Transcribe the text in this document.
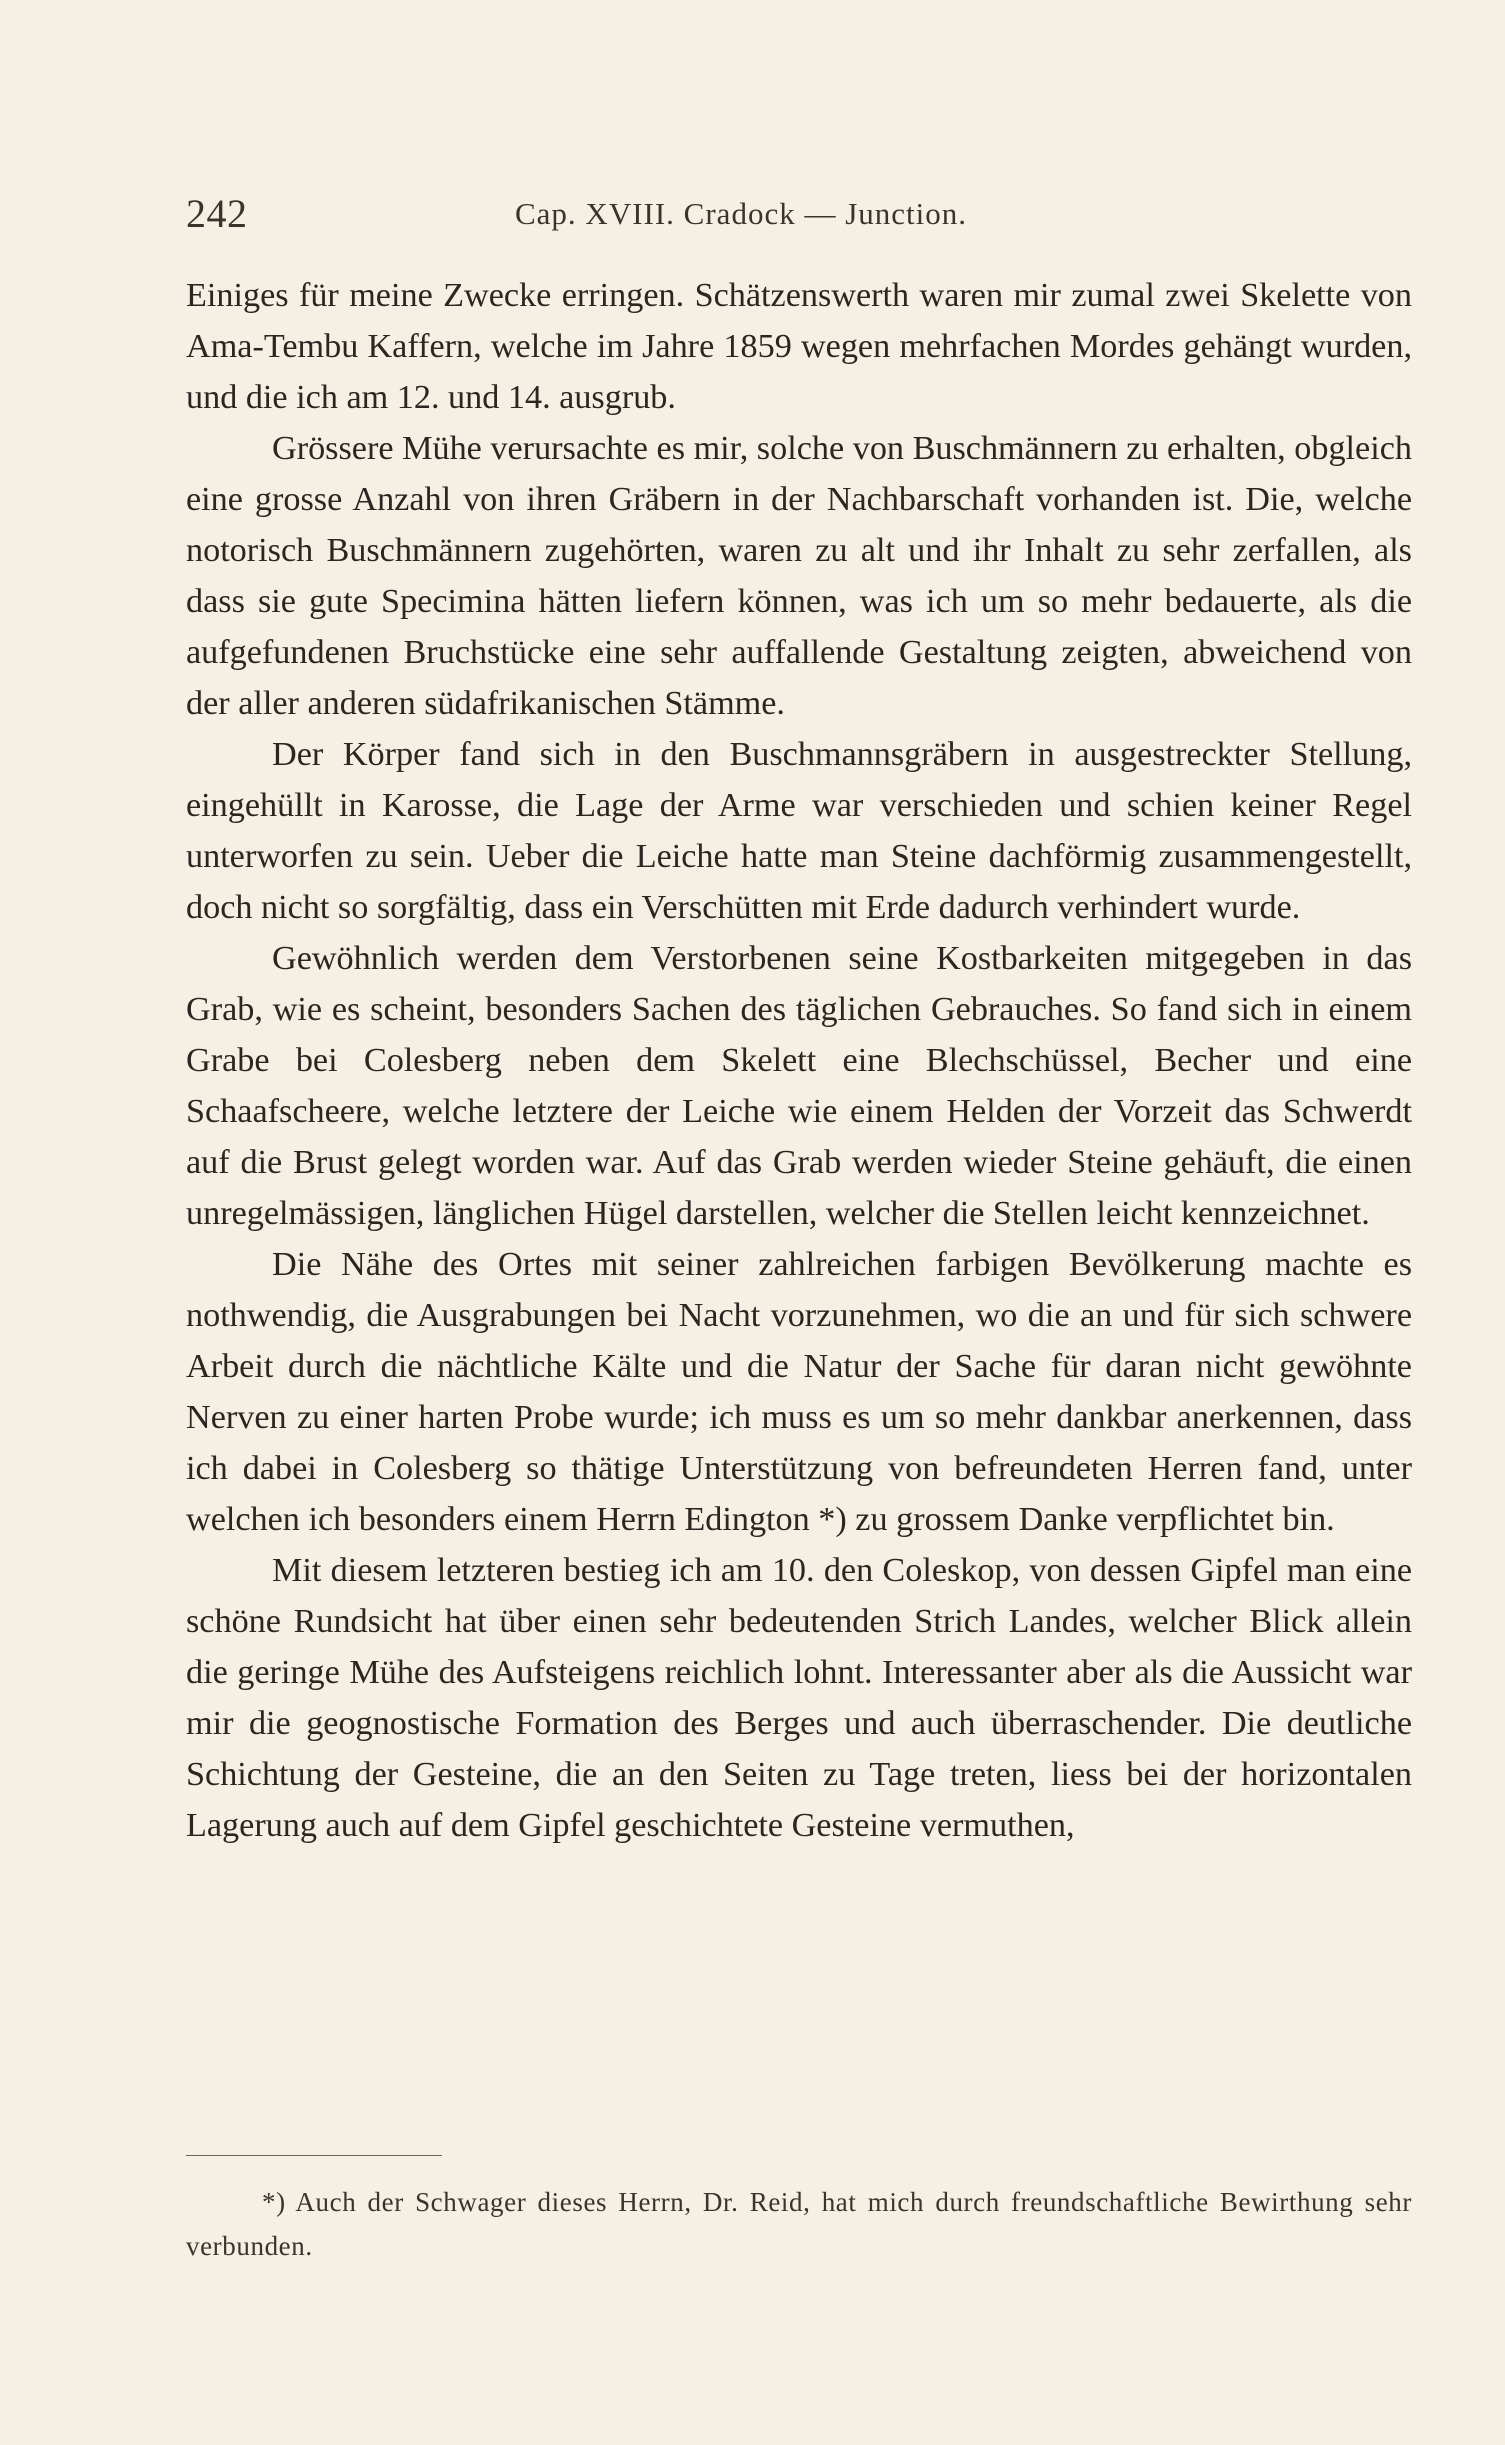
242	Cap. XVIII. Cradock — Junction.

Einiges für meine Zwecke erringen. Schätzenswerth waren mir zumal zwei Skelette von Ama-Tembu Kaffern, welche im Jahre 1859 wegen mehrfachen Mordes gehängt wurden, und die ich am 12. und 14. ausgrub.

Grössere Mühe verursachte es mir, solche von Buschmännern zu erhalten, obgleich eine grosse Anzahl von ihren Gräbern in der Nachbarschaft vorhanden ist. Die, welche notorisch Buschmännern zugehörten, waren zu alt und ihr Inhalt zu sehr zerfallen, als dass sie gute Specimina hätten liefern können, was ich um so mehr bedauerte, als die aufgefundenen Bruchstücke eine sehr auffallende Gestaltung zeigten, abweichend von der aller anderen südafrikanischen Stämme.

Der Körper fand sich in den Buschmannsgräbern in ausgestreckter Stellung, eingehüllt in Karosse, die Lage der Arme war verschieden und schien keiner Regel unterworfen zu sein. Ueber die Leiche hatte man Steine dachförmig zusammengestellt, doch nicht so sorgfältig, dass ein Verschütten mit Erde dadurch verhindert wurde.

Gewöhnlich werden dem Verstorbenen seine Kostbarkeiten mitgegeben in das Grab, wie es scheint, besonders Sachen des täglichen Gebrauches. So fand sich in einem Grabe bei Colesberg neben dem Skelett eine Blechschüssel, Becher und eine Schaafscheere, welche letztere der Leiche wie einem Helden der Vorzeit das Schwerdt auf die Brust gelegt worden war. Auf das Grab werden wieder Steine gehäuft, die einen unregelmässigen, länglichen Hügel darstellen, welcher die Stellen leicht kennzeichnet.

Die Nähe des Ortes mit seiner zahlreichen farbigen Bevölkerung machte es nothwendig, die Ausgrabungen bei Nacht vorzunehmen, wo die an und für sich schwere Arbeit durch die nächtliche Kälte und die Natur der Sache für daran nicht gewöhnte Nerven zu einer harten Probe wurde; ich muss es um so mehr dankbar anerkennen, dass ich dabei in Colesberg so thätige Unterstützung von befreundeten Herren fand, unter welchen ich besonders einem Herrn Edington *) zu grossem Danke verpflichtet bin.

Mit diesem letzteren bestieg ich am 10. den Coleskop, von dessen Gipfel man eine schöne Rundsicht hat über einen sehr bedeutenden Strich Landes, welcher Blick allein die geringe Mühe des Aufsteigens reichlich lohnt. Interessanter aber als die Aussicht war mir die geognostische Formation des Berges und auch überraschender. Die deutliche Schichtung der Gesteine, die an den Seiten zu Tage treten, liess bei der horizontalen Lagerung auch auf dem Gipfel geschichtete Gesteine vermuthen,

*) Auch der Schwager dieses Herrn, Dr. Reid, hat mich durch freundschaftliche Bewirthung sehr verbunden.
